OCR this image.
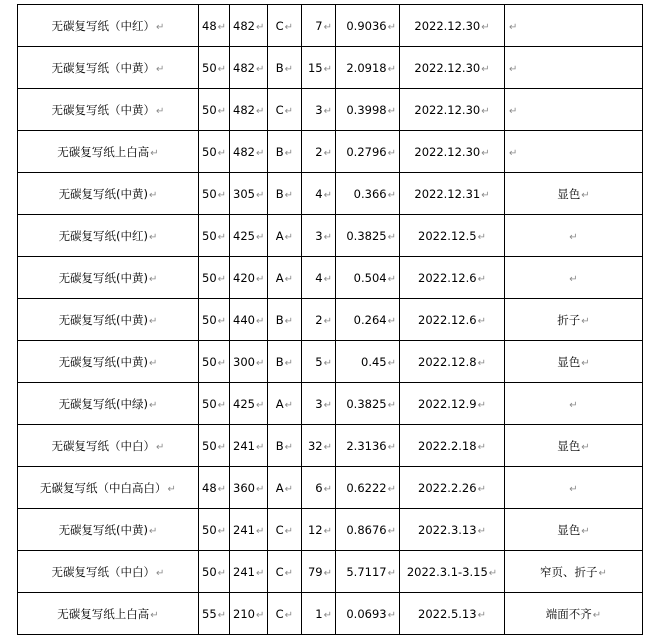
无碳复写纸（中红）↵	48↵	482↵	C↵	7↵	0.9036↵	2022.12.30↵	↵
无碳复写纸（中黄）↵	50↵	482↵	B↵	15↵	2.0918↵	2022.12.30↵	↵
无碳复写纸（中黄）↵	50↵	482↵	C↵	3↵	0.3998↵	2022.12.30↵	↵
无碳复写纸上白高↵	50↵	482↵	B↵	2↵	0.2796↵	2022.12.30↵	↵
无碳复写纸(中黄)↵	50↵	305↵	B↵	4↵	0.366↵	2022.12.31↵	显色↵
无碳复写纸(中红)↵	50↵	425↵	A↵	3↵	0.3825↵	2022.12.5↵	↵
无碳复写纸(中黄)↵	50↵	420↵	A↵	4↵	0.504↵	2022.12.6↵	↵
无碳复写纸(中黄)↵	50↵	440↵	B↵	2↵	0.264↵	2022.12.6↵	折子↵
无碳复写纸(中黄)↵	50↵	300↵	B↵	5↵	0.45↵	2022.12.8↵	显色↵
无碳复写纸(中绿)↵	50↵	425↵	A↵	3↵	0.3825↵	2022.12.9↵	↵
无碳复写纸（中白）↵	50↵	241↵	B↵	32↵	2.3136↵	2022.2.18↵	显色↵
无碳复写纸（中白高白）↵	48↵	360↵	A↵	6↵	0.6222↵	2022.2.26↵	↵
无碳复写纸(中黄)↵	50↵	241↵	C↵	12↵	0.8676↵	2022.3.13↵	显色↵
无碳复写纸（中白）↵	50↵	241↵	C↵	79↵	5.7117↵	2022.3.1-3.15↵	窄页、折子↵
无碳复写纸上白高↵	55↵	210↵	C↵	1↵	0.0693↵	2022.5.13↵	端面不齐↵
